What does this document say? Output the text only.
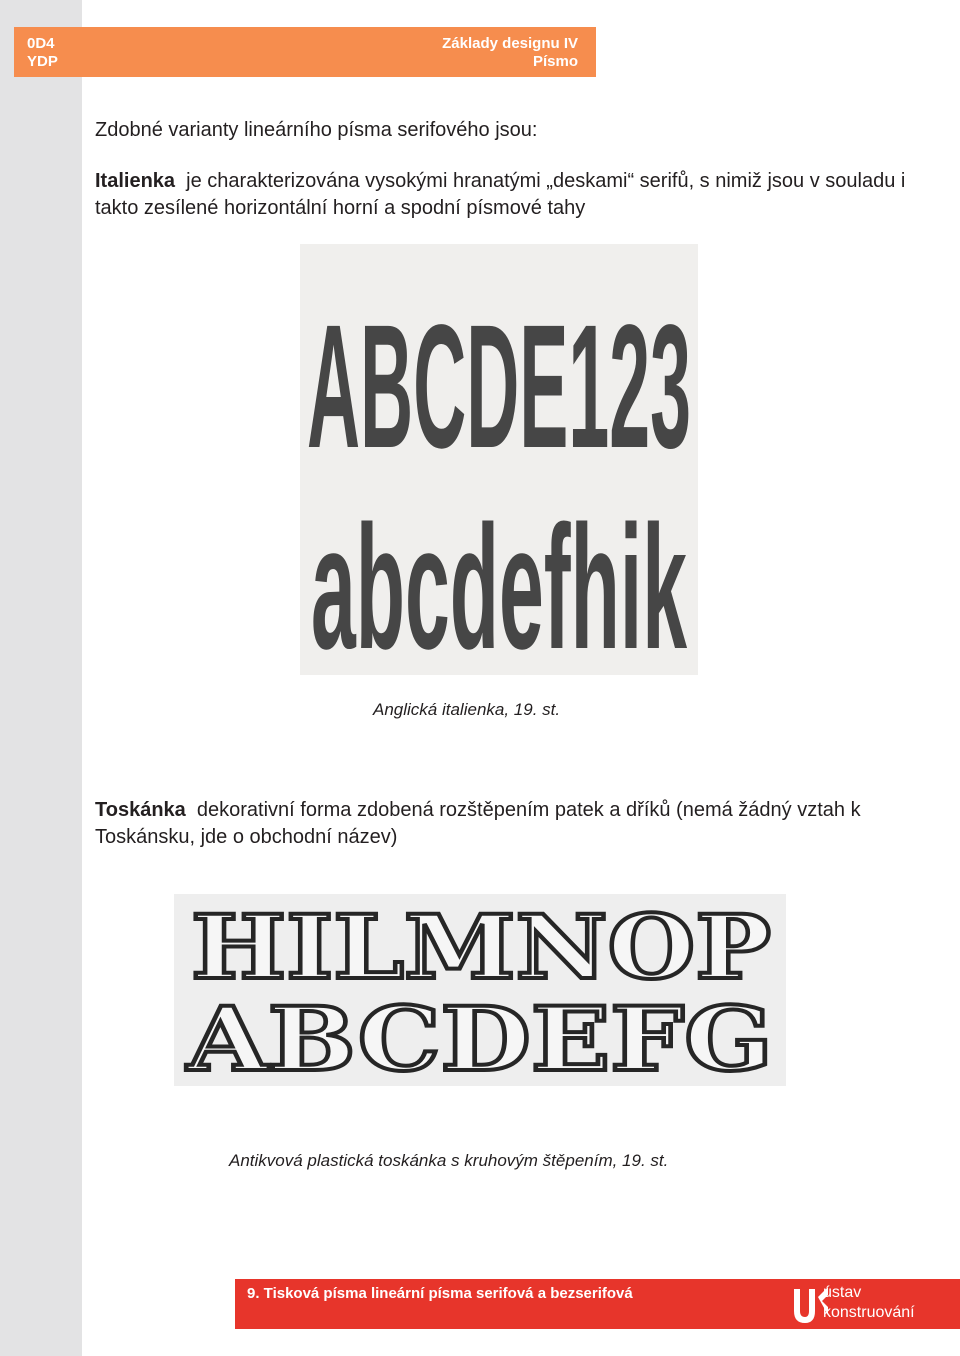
0D4
YDP
Základy designu IV
Písmo

Zdobné varianty lineárního písma serifového jsou:

Italienka je charakterizována vysokými hranatými „deskami“ serifů, s nimiž jsou v souladu i takto zesílené horizontální horní a spodní písmové tahy

ABCDE123
abcdefhik

Anglická italienka, 19. st.

Toskánka dekorativní forma zdobená rozštěpením patek a dříků (nemá žádný vztah k Toskánsku, jde o obchodní název)

HILMNOP
ABCDEFG

Antikvová plastická toskánka s kruhovým štěpením, 19. st.

9. Tisková písma lineární písma serifová a bezserifová	ústav
konstruování
